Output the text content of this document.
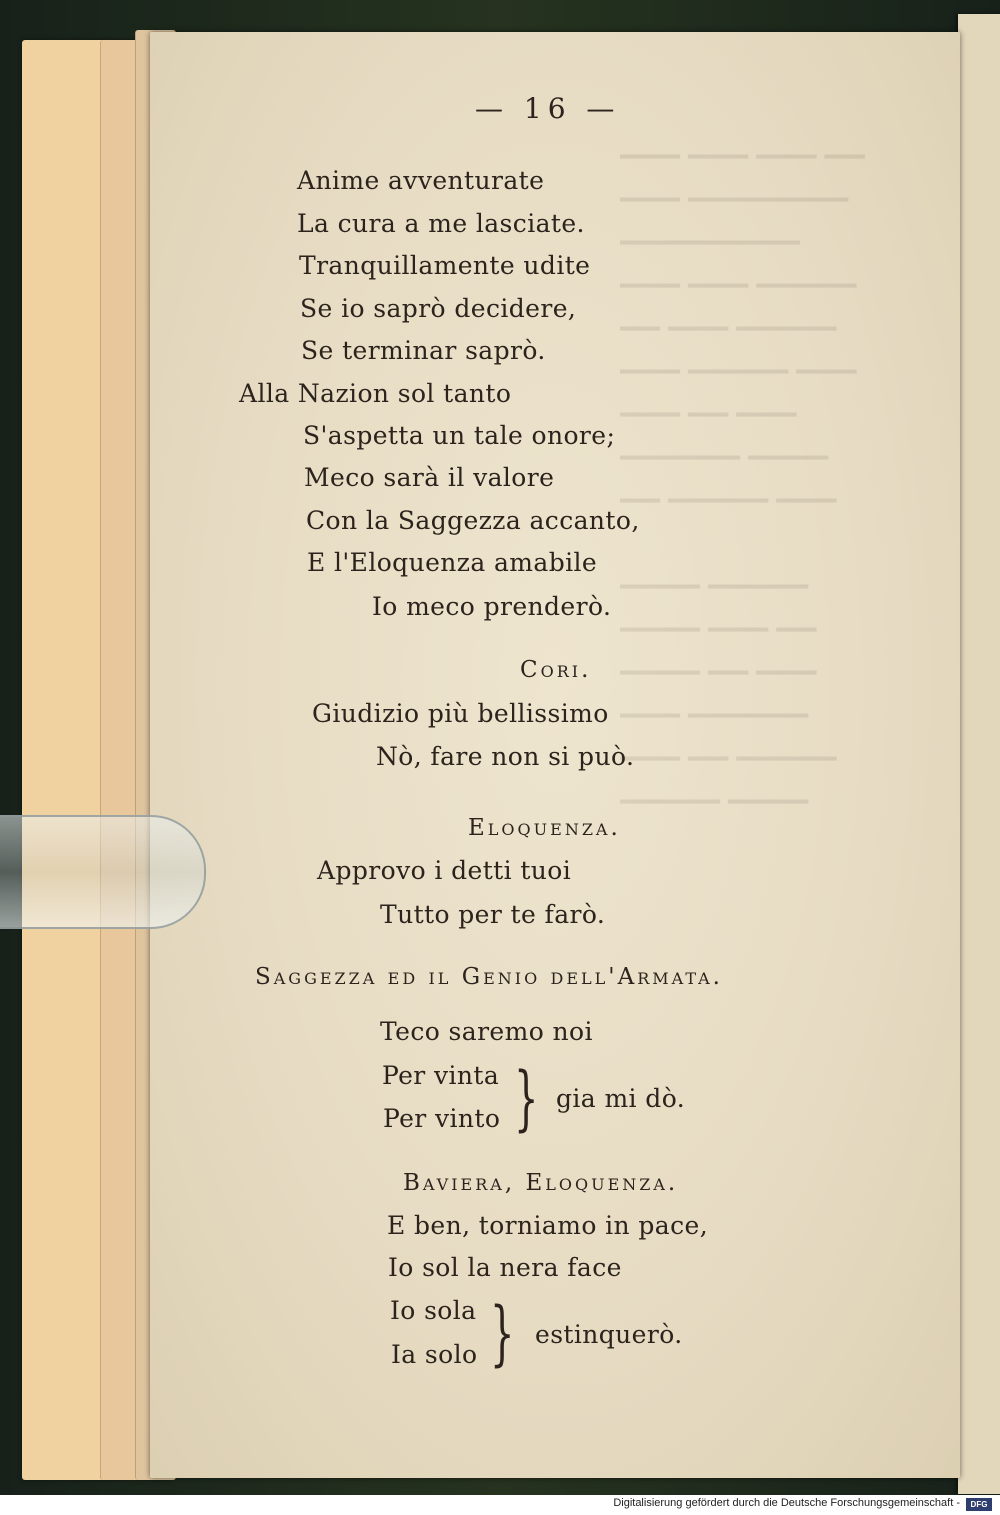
— 16 —
Anime avventurate
La cura a me lasciate.
Tranquillamente udite
Se io saprò decidere,
Se terminar saprò.
Alla Nazion sol tanto
S'aspetta un tale onore;
Meco sarà il valore
Con la Saggezza accanto,
E l'Eloquenza amabile
Io meco prenderò.
Cori.
Giudizio più bellissimo
Nò, fare non si può.
Eloquenza.
Approvo i detti tuoi
Tutto per te farò.
Saggezza ed il Genio dell'Armata.
Teco saremo noi
Per vinta
Per vinto } gia mi dò.
Baviera, Eloquenza.
E ben, torniamo in pace,
Io sol la nera face
Io sola
Ia solo } estinquerò.
Digitalisierung gefördert durch die Deutsche Forschungsgemeinschaft -	DFG
